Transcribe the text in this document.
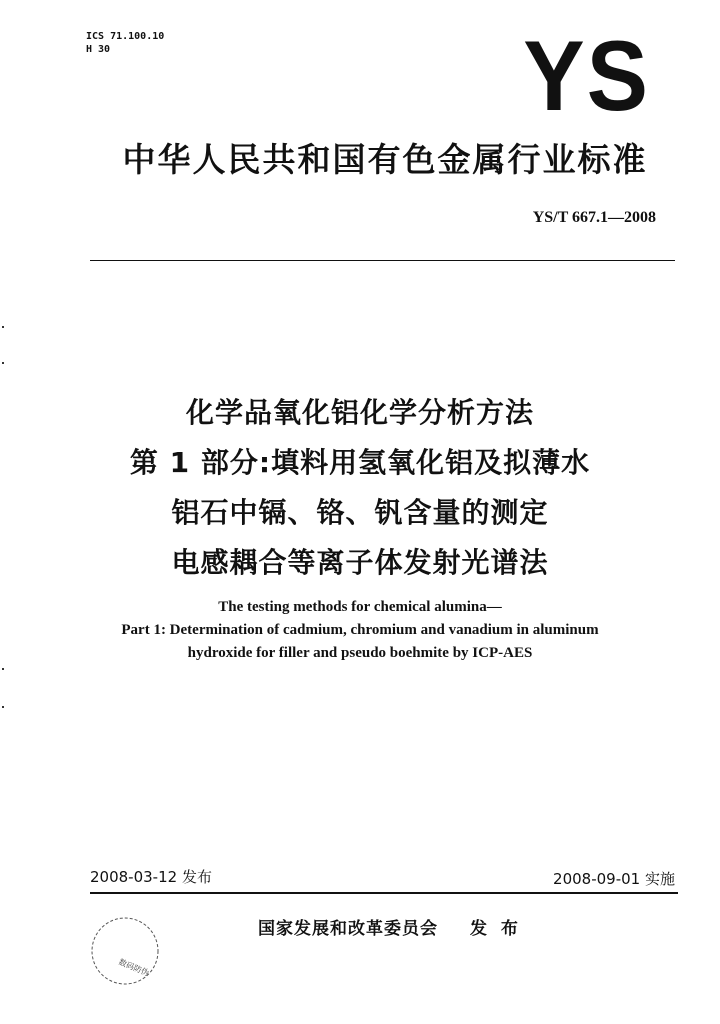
ICS 71.100.10
H 30	YS
中华人民共和国有色金属行业标准
YS/T 667.1—2008
化学品氧化铝化学分析方法
第 1 部分:填料用氢氧化铝及拟薄水
铝石中镉、铬、钒含量的测定
电感耦合等离子体发射光谱法
The testing methods for chemical alumina—
Part 1: Determination of cadmium, chromium and vanadium in aluminum
hydroxide for filler and pseudo boehmite by ICP-AES
2008-03-12 发布	2008-09-01 实施
国家发展和改革委员会 发 布
数码防伪
